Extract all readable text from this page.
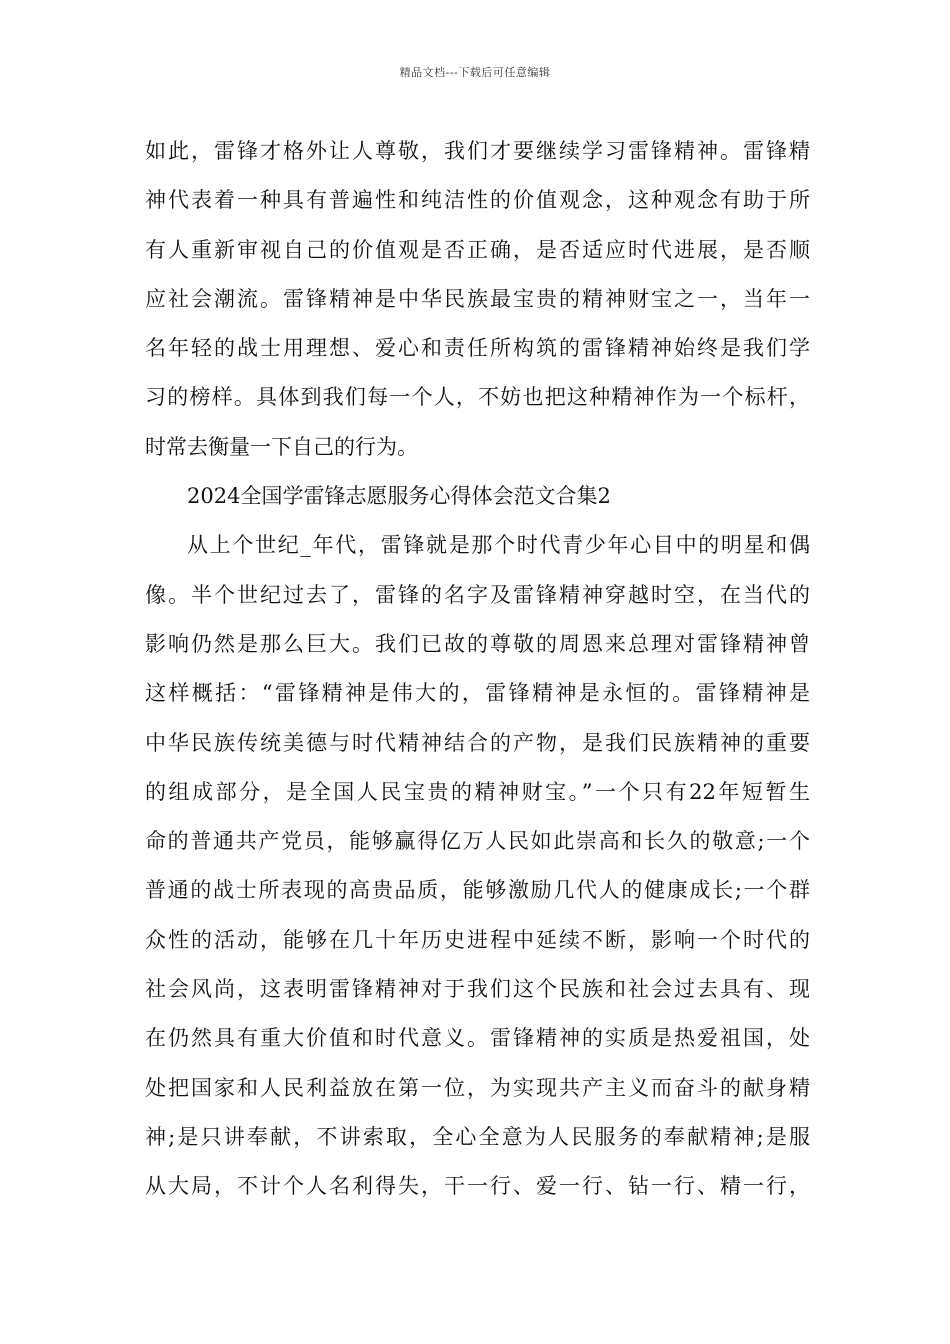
精品文档---下载后可任意编辑
如此，雷锋才格外让人尊敬，我们才要继续学习雷锋精神。雷锋精
神代表着一种具有普遍性和纯洁性的价值观念，这种观念有助于所
有人重新审视自己的价值观是否正确，是否适应时代进展，是否顺
应社会潮流。雷锋精神是中华民族最宝贵的精神财宝之一，当年一
名年轻的战士用理想、爱心和责任所构筑的雷锋精神始终是我们学
习的榜样。具体到我们每一个人，不妨也把这种精神作为一个标杆，
时常去衡量一下自己的行为。
2024全国学雷锋志愿服务心得体会范文合集2
从上个世纪_年代，雷锋就是那个时代青少年心目中的明星和偶
像。半个世纪过去了，雷锋的名字及雷锋精神穿越时空，在当代的
影响仍然是那么巨大。我们已故的尊敬的周恩来总理对雷锋精神曾
这样概括：“雷锋精神是伟大的，雷锋精神是永恒的。雷锋精神是
中华民族传统美德与时代精神结合的产物，是我们民族精神的重要
的组成部分，是全国人民宝贵的精神财宝。”一个只有22年短暂生
命的普通共产党员，能够赢得亿万人民如此崇高和长久的敬意;一个
普通的战士所表现的高贵品质，能够激励几代人的健康成长;一个群
众性的活动，能够在几十年历史进程中延续不断，影响一个时代的
社会风尚，这表明雷锋精神对于我们这个民族和社会过去具有、现
在仍然具有重大价值和时代意义。雷锋精神的实质是热爱祖国，处
处把国家和人民利益放在第一位，为实现共产主义而奋斗的献身精
神;是只讲奉献，不讲索取，全心全意为人民服务的奉献精神;是服
从大局，不计个人名利得失，干一行、爱一行、钻一行、精一行，
